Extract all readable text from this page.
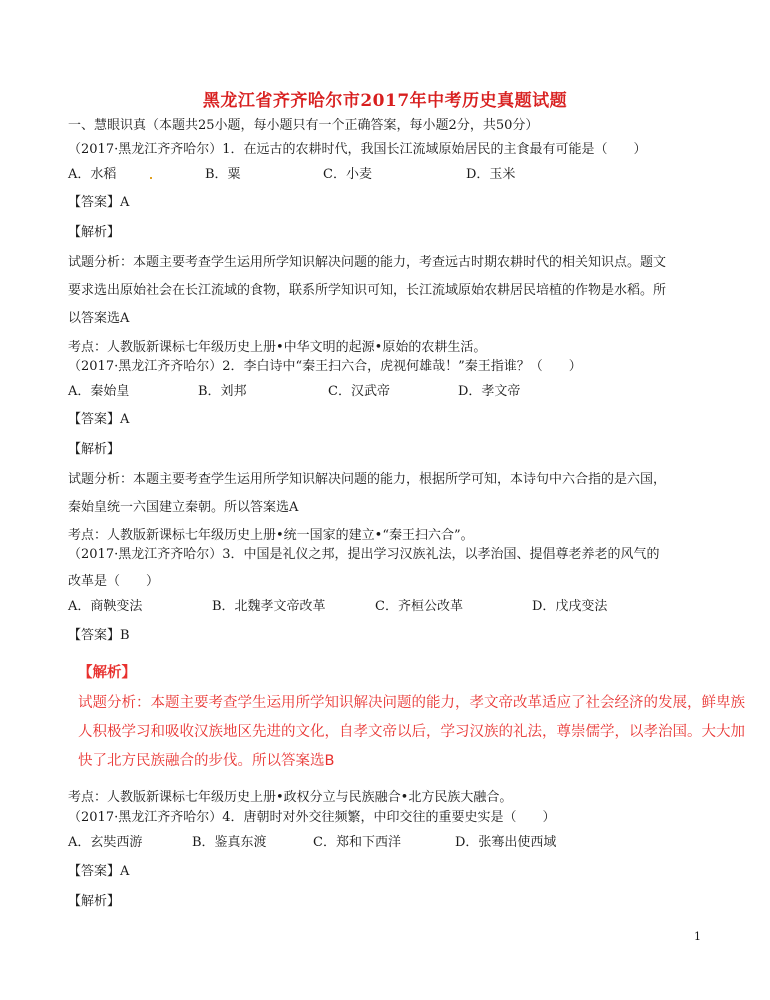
黑龙江省齐齐哈尔市2017年中考历史真题试题
一、慧眼识真（本题共25小题，每小题只有一个正确答案，每小题2分，共50分）
（2017·黑龙江齐齐哈尔）1．在远古的农耕时代，我国长江流域原始居民的主食最有可能是（　　）
A．水稻	B．粟	C．小麦	D．玉米
【答案】A
【解析】
试题分析：本题主要考查学生运用所学知识解决问题的能力，考查远古时期农耕时代的相关知识点。题文
要求选出原始社会在长江流域的食物，联系所学知识可知，长江流域原始农耕居民培植的作物是水稻。所
以答案选A
考点：人教版新课标七年级历史上册•中华文明的起源•原始的农耕生活。
（2017·黑龙江齐齐哈尔）2．李白诗中“秦王扫六合，虎视何雄哉！”秦王指谁？（　　）
A．秦始皇	B．刘邦	C．汉武帝	D．孝文帝
【答案】A
【解析】
试题分析：本题主要考查学生运用所学知识解决问题的能力，根据所学可知，本诗句中六合指的是六国，
秦始皇统一六国建立秦朝。所以答案选A
考点：人教版新课标七年级历史上册•统一国家的建立•“秦王扫六合”。
（2017·黑龙江齐齐哈尔）3．中国是礼仪之邦，提出学习汉族礼法，以孝治国、提倡尊老养老的风气的
改革是（　　）
A．商鞅变法	B．北魏孝文帝改革	C．齐桓公改革	D．戊戌变法
【答案】B
【解析】
试题分析：本题主要考查学生运用所学知识解决问题的能力，孝文帝改革适应了社会经济的发展，鲜卑族
人积极学习和吸收汉族地区先进的文化，自孝文帝以后，学习汉族的礼法，尊崇儒学，以孝治国。大大加
快了北方民族融合的步伐。所以答案选B
考点：人教版新课标七年级历史上册•政权分立与民族融合•北方民族大融合。
（2017·黑龙江齐齐哈尔）4．唐朝时对外交往频繁，中印交往的重要史实是（　　）
A．玄奘西游	B．鉴真东渡	C．郑和下西洋	D．张骞出使西域
【答案】A
【解析】
1
